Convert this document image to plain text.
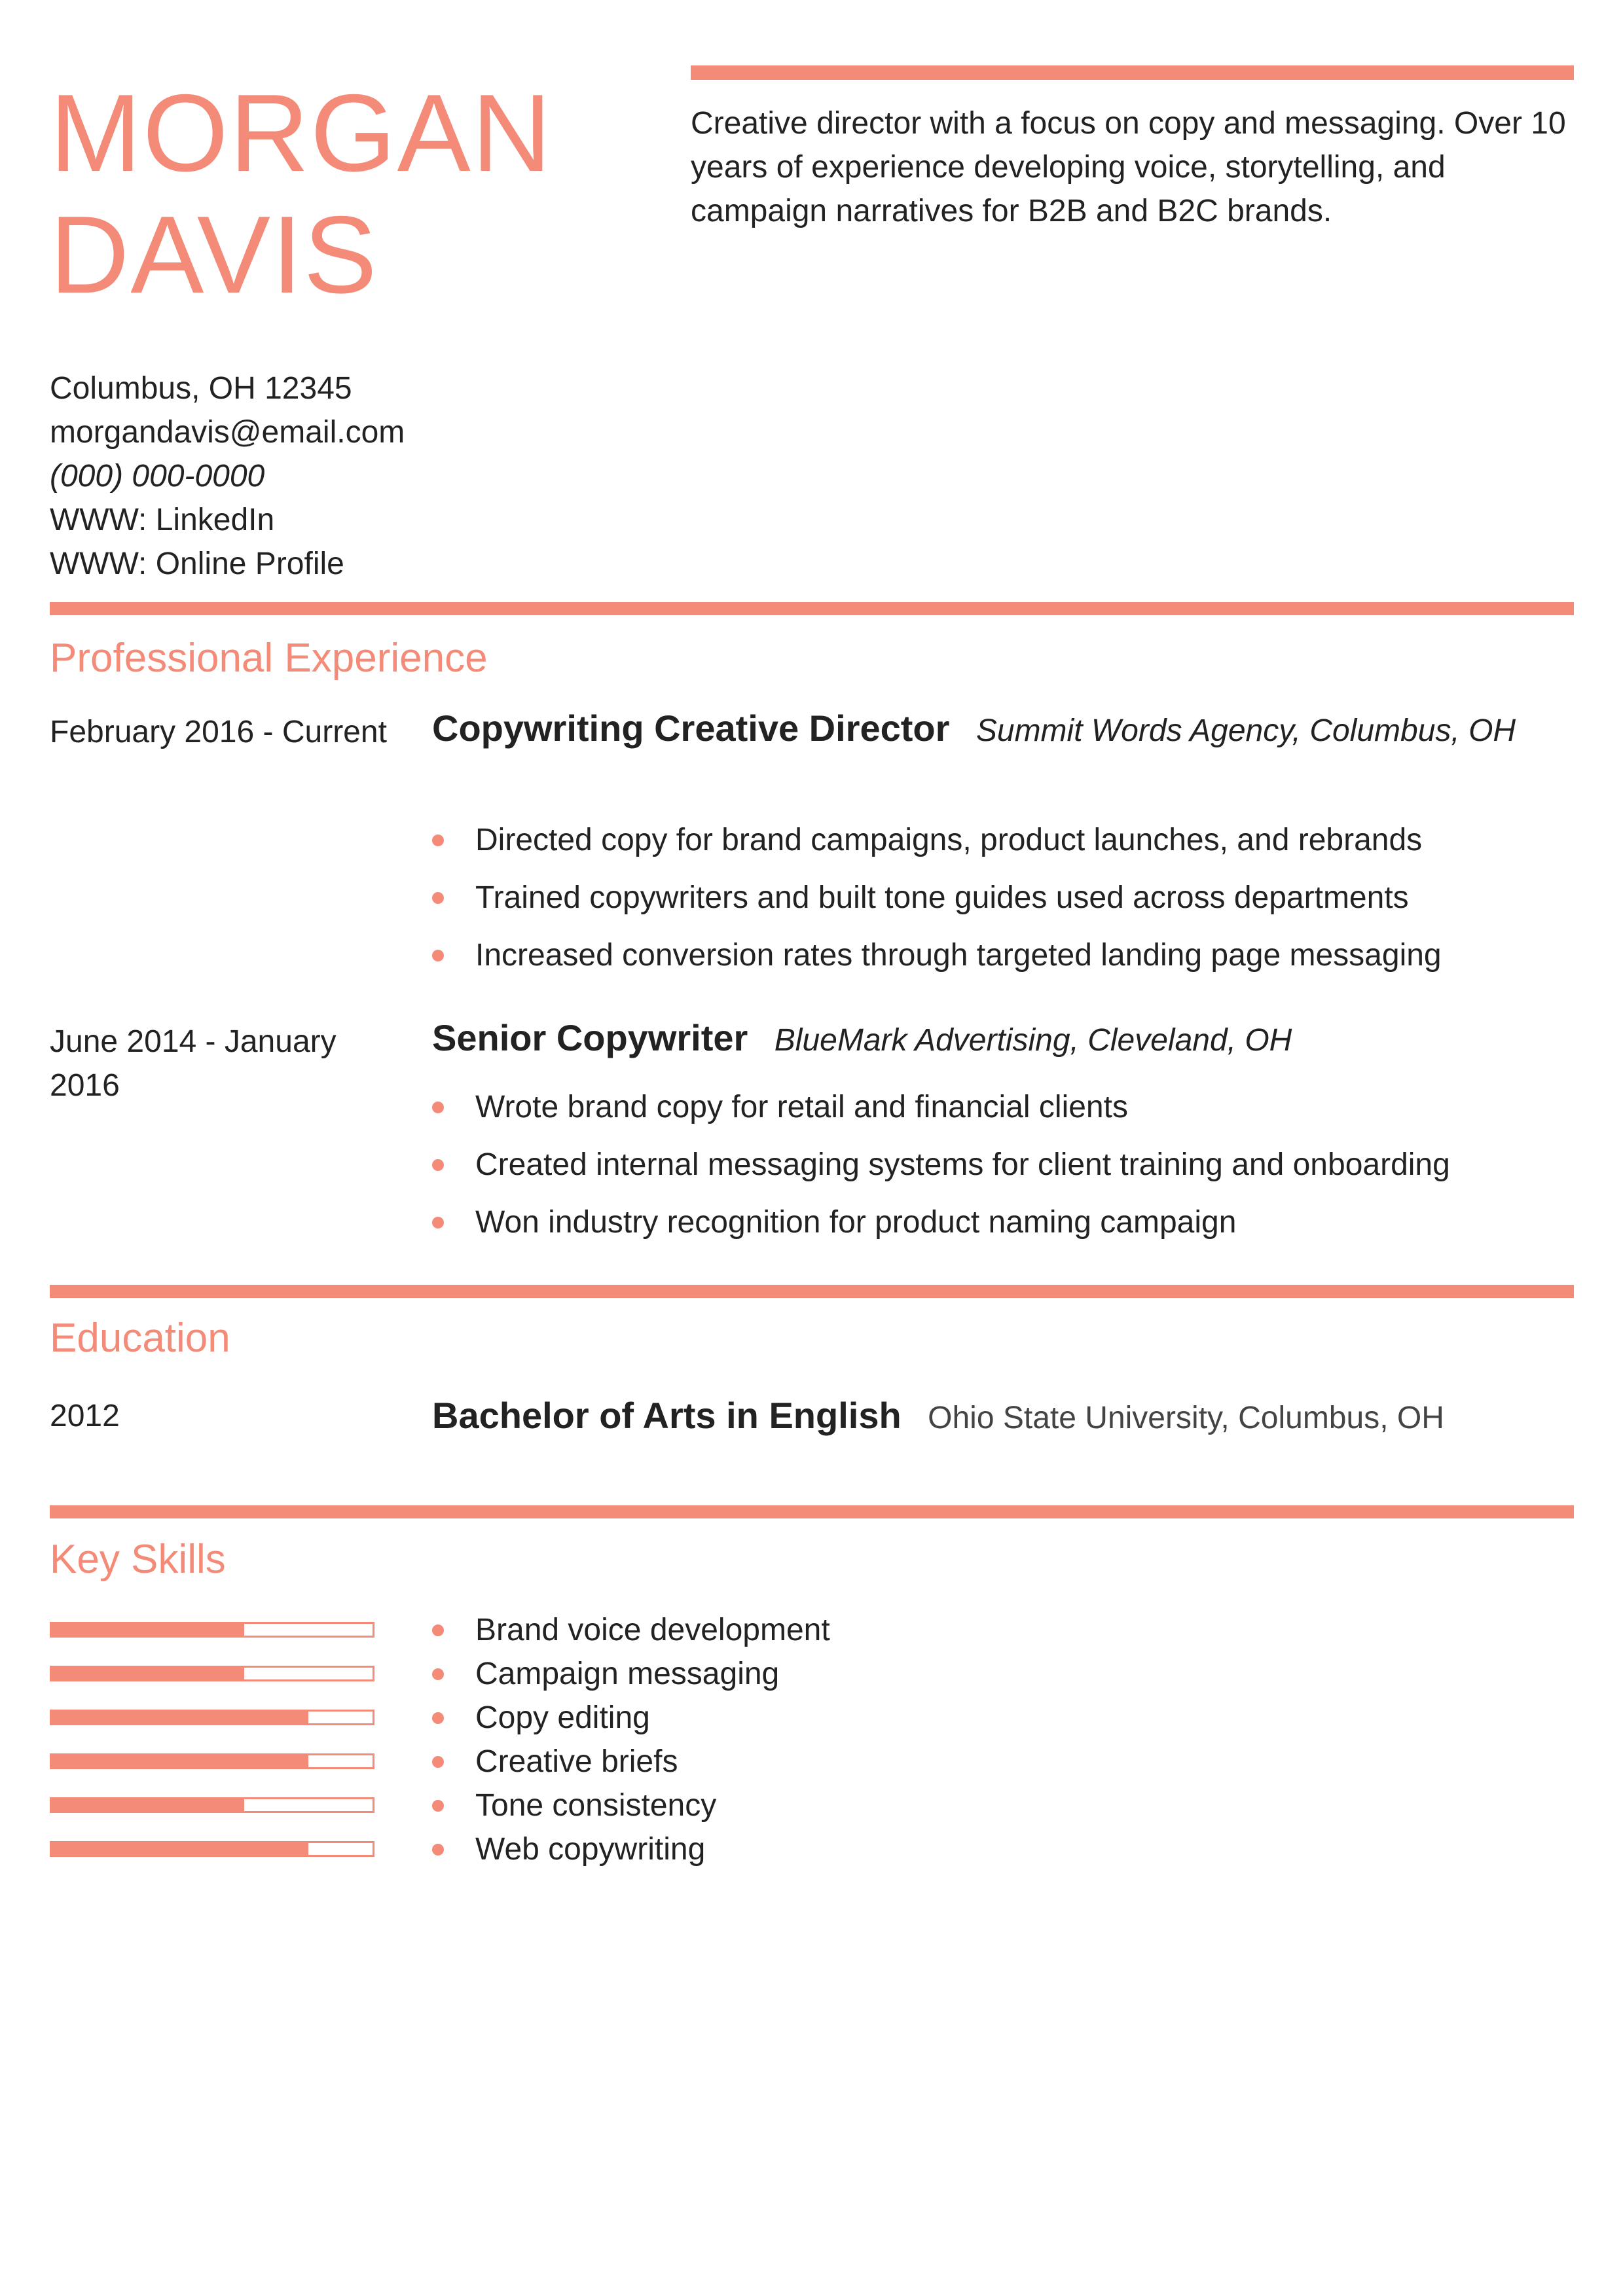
MORGAN
DAVIS

Creative director with a focus on copy and messaging. Over 10 years of experience developing voice, storytelling, and campaign narratives for B2B and B2C brands.

Columbus, OH 12345
morgandavis@email.com
(000) 000-0000
WWW: LinkedIn
WWW: Online Profile
Professional Experience
February 2016 - Current Copywriting Creative Director Summit Words Agency, Columbus, OH
Directed copy for brand campaigns, product launches, and rebrands
Trained copywriters and built tone guides used across departments
Increased conversion rates through targeted landing page messaging
June 2014 - January 2016
Senior Copywriter BlueMark Advertising, Cleveland, OH
Wrote brand copy for retail and financial clients
Created internal messaging systems for client training and onboarding
Won industry recognition for product naming campaign
Education
2012	Bachelor of Arts in English Ohio State University, Columbus, OH
Key Skills
Brand voice development
Campaign messaging
Copy editing
Creative briefs
Tone consistency
Web copywriting
